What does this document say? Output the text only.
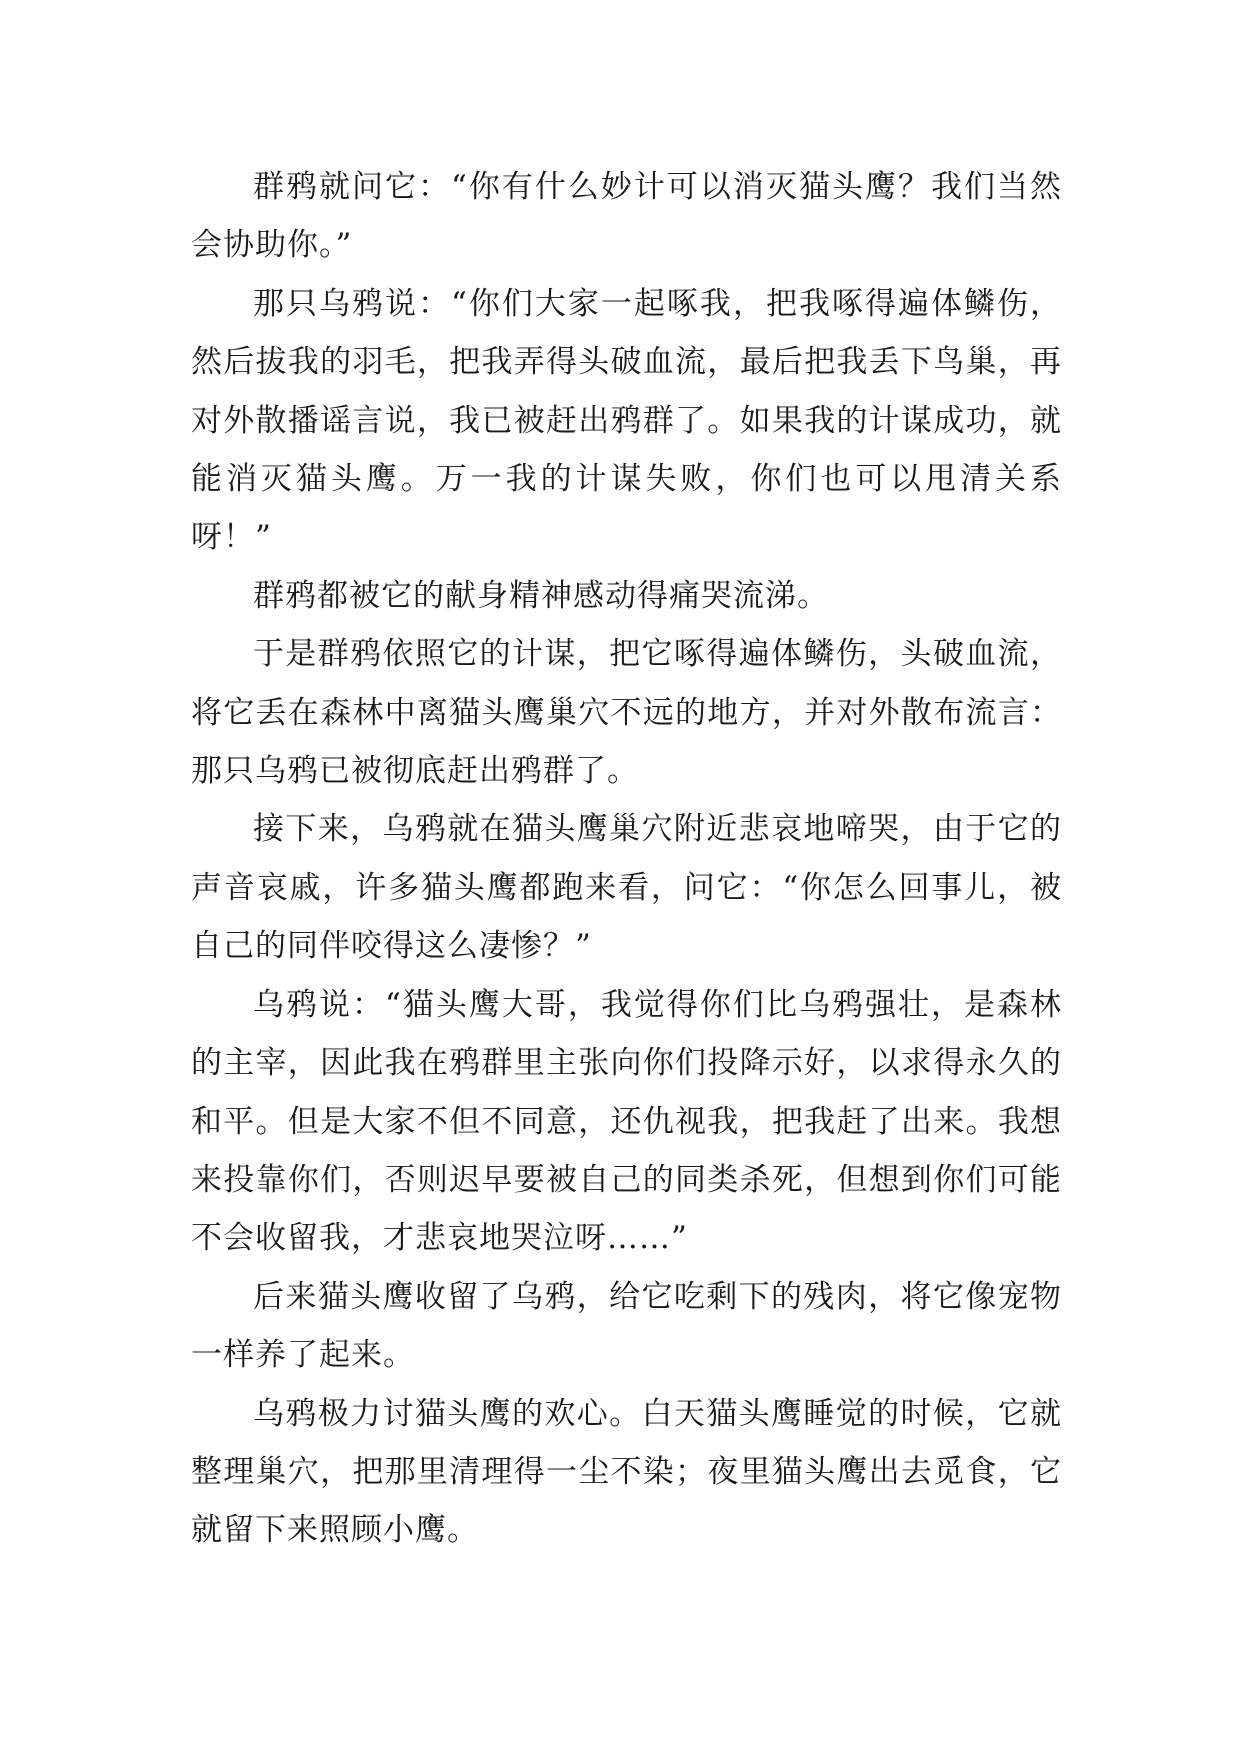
群鸦就问它：“你有什么妙计可以消灭猫头鹰？我们当然会协助你。”

那只乌鸦说：“你们大家一起啄我，把我啄得遍体鳞伤，然后拔我的羽毛，把我弄得头破血流，最后把我丢下鸟巢，再对外散播谣言说，我已被赶出鸦群了。如果我的计谋成功，就能消灭猫头鹰。万一我的计谋失败，你们也可以甩清关系呀！”

群鸦都被它的献身精神感动得痛哭流涕。

于是群鸦依照它的计谋，把它啄得遍体鳞伤，头破血流，将它丢在森林中离猫头鹰巢穴不远的地方，并对外散布流言：那只乌鸦已被彻底赶出鸦群了。

接下来，乌鸦就在猫头鹰巢穴附近悲哀地啼哭，由于它的声音哀戚，许多猫头鹰都跑来看，问它：“你怎么回事儿，被自己的同伴咬得这么凄惨？”

乌鸦说：“猫头鹰大哥，我觉得你们比乌鸦强壮，是森林的主宰，因此我在鸦群里主张向你们投降示好，以求得永久的和平。但是大家不但不同意，还仇视我，把我赶了出来。我想来投靠你们，否则迟早要被自己的同类杀死，但想到你们可能不会收留我，才悲哀地哭泣呀……”

后来猫头鹰收留了乌鸦，给它吃剩下的残肉，将它像宠物一样养了起来。

乌鸦极力讨猫头鹰的欢心。白天猫头鹰睡觉的时候，它就整理巢穴，把那里清理得一尘不染；夜里猫头鹰出去觅食，它就留下来照顾小鹰。
